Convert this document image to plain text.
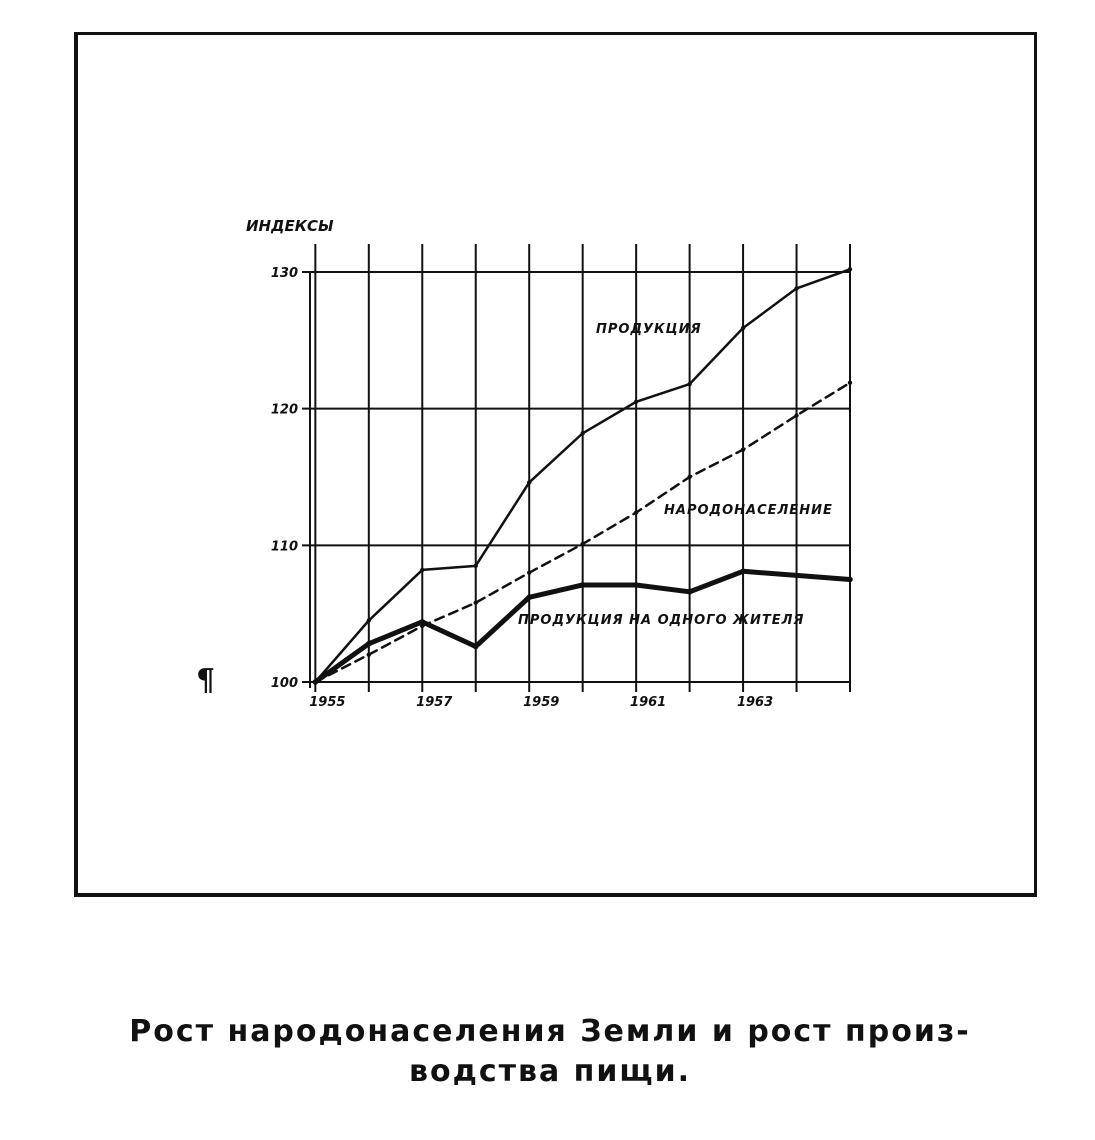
100
110
120
130
1955	1957	1959	1961	1963
ИНДЕКСЫ
ПРОДУКЦИЯ
НАРОДОНАСЕЛЕНИЕ
ПРОДУКЦИЯ НА ОДНОГО ЖИТЕЛЯ
¶
Рост народонаселения Земли и рост произ-
водства пищи.
